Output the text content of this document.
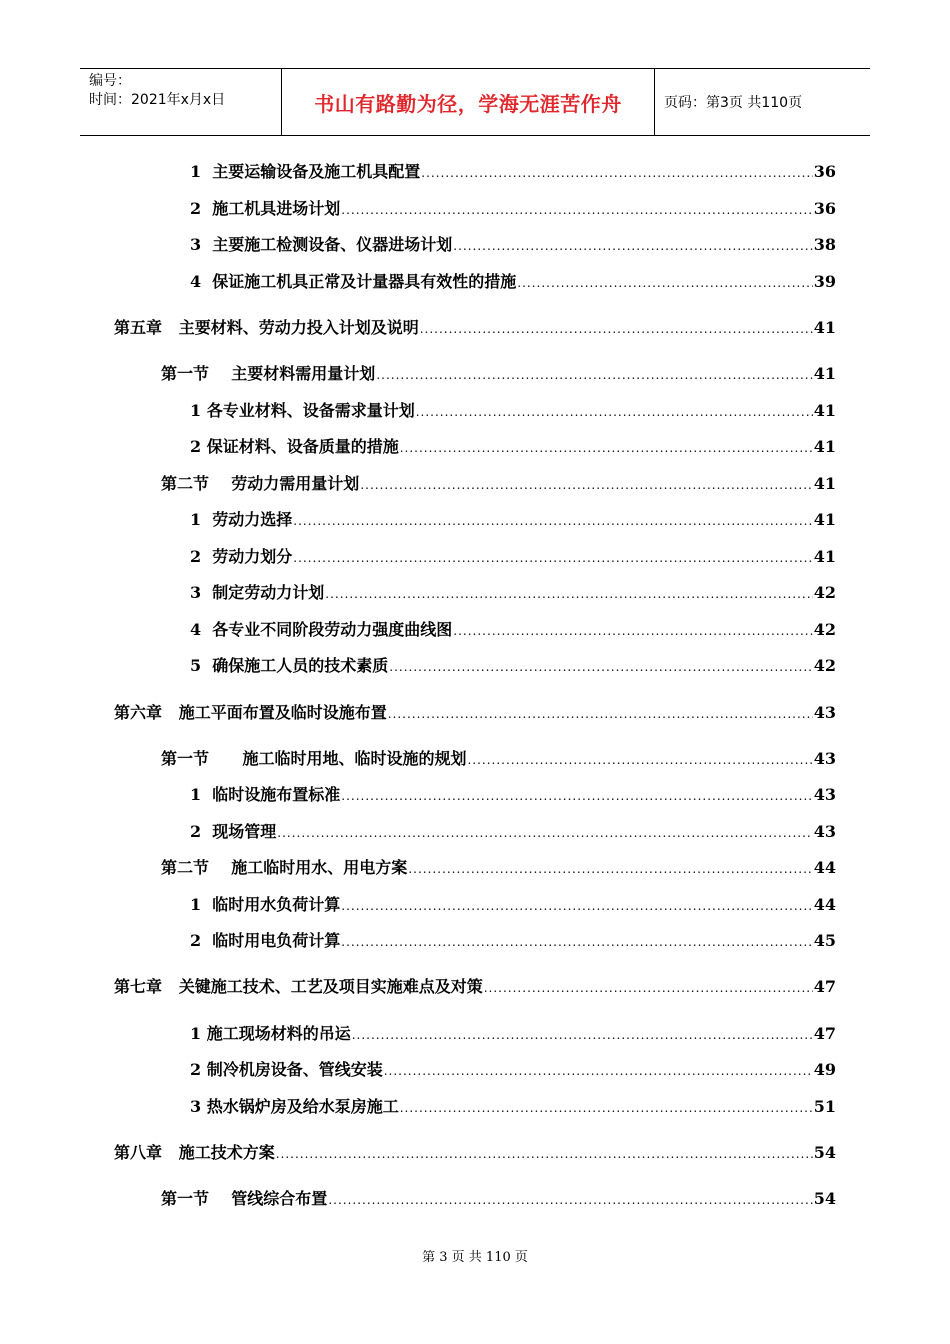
编号：
时间：2021年x月x日	书山有路勤为径，学海无涯苦作舟	页码：第3页 共110页
1 主要运输设备及施工机具配置 .....	36
2 施工机具进场计划 .....	36
3 主要施工检测设备、仪器进场计划 .....	38
4 保证施工机具正常及计量器具有效性的措施 .....	39
第五章 主要材料、劳动力投入计划及说明 .....	41
第一节 主要材料需用量计划 .....	41
1 各专业材料、设备需求量计划 .....	41
2 保证材料、设备质量的措施 .....	41
第二节 劳动力需用量计划 .....	41
1 劳动力选择 .....	41
2 劳动力划分 .....	41
3 制定劳动力计划 .....	42
4 各专业不同阶段劳动力强度曲线图 .....	42
5 确保施工人员的技术素质 .....	42
第六章 施工平面布置及临时设施布置 .....	43
第一节 施工临时用地、临时设施的规划 .....	43
1 临时设施布置标准 .....	43
2 现场管理 .....	43
第二节 施工临时用水、用电方案 .....	44
1 临时用水负荷计算 .....	44
2 临时用电负荷计算 .....	45
第七章 关键施工技术、工艺及项目实施难点及对策 .....	47
1 施工现场材料的吊运 .....	47
2 制冷机房设备、管线安装 .....	49
3 热水锅炉房及给水泵房施工 .....	51
第八章 施工技术方案 .....	54
第一节 管线综合布置 .....	54
第 3 页 共 110 页
